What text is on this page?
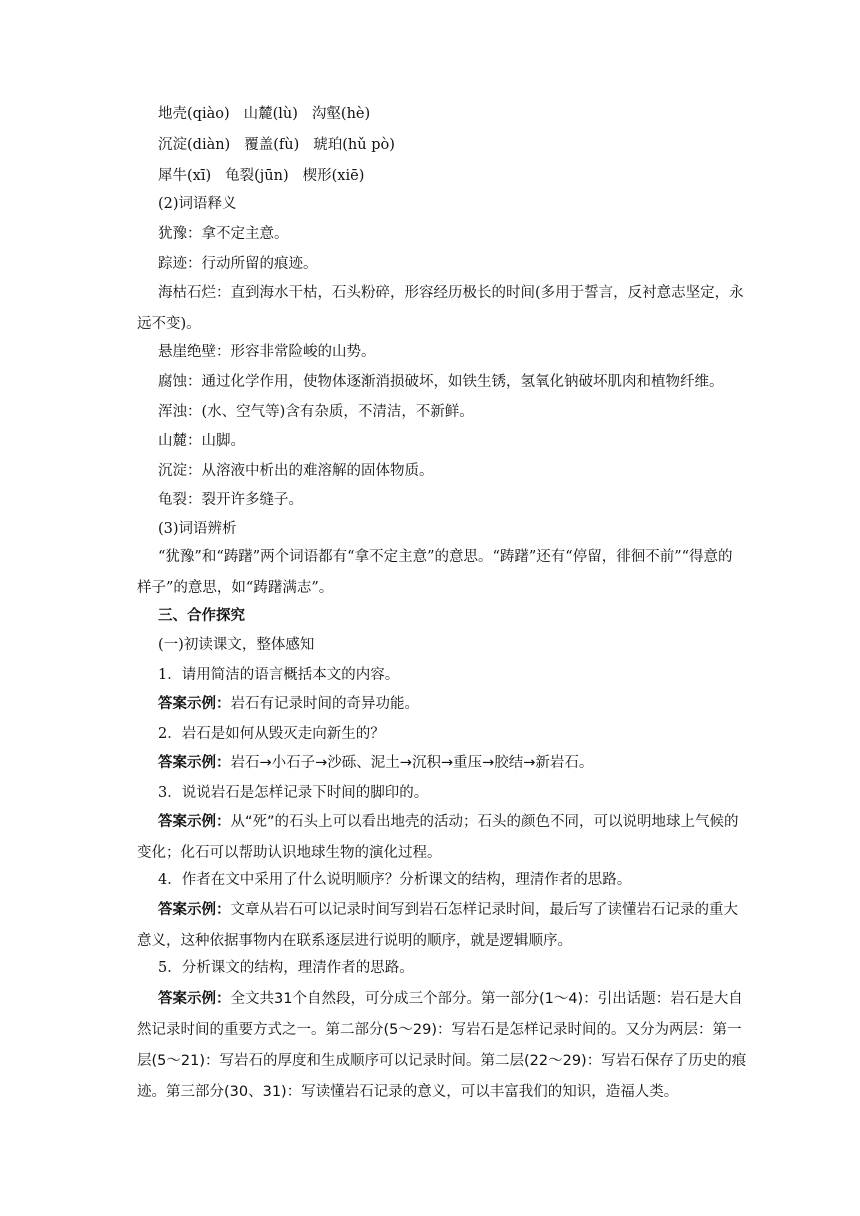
地壳(qiào) 山麓(lù) 沟壑(hè)
沉淀(diàn) 覆盖(fù) 琥珀(hǔ pò)
犀牛(xī) 龟裂(jūn) 楔形(xiē)
(2)词语释义
犹豫：拿不定主意。
踪迹：行动所留的痕迹。
海枯石烂：直到海水干枯，石头粉碎，形容经历极长的时间(多用于誓言，反衬意志坚定，永远不变)。
悬崖绝壁：形容非常险峻的山势。
腐蚀：通过化学作用，使物体逐渐消损破坏，如铁生锈，氢氧化钠破坏肌肉和植物纤维。
浑浊：(水、空气等)含有杂质，不清洁，不新鲜。
山麓：山脚。
沉淀：从溶液中析出的难溶解的固体物质。
龟裂：裂开许多缝子。
(3)词语辨析
“犹豫”和“踌躇”两个词语都有“拿不定主意”的意思。“踌躇”还有“停留，徘徊不前”“得意的样子”的意思，如“踌躇满志”。
三、合作探究
(一)初读课文，整体感知
1．请用简洁的语言概括本文的内容。
答案示例：岩石有记录时间的奇异功能。
2．岩石是如何从毁灭走向新生的？
答案示例：岩石→小石子→沙砾、泥土→沉积→重压→胶结→新岩石。
3．说说岩石是怎样记录下时间的脚印的。
答案示例：从“死”的石头上可以看出地壳的活动；石头的颜色不同，可以说明地球上气候的变化；化石可以帮助认识地球生物的演化过程。
4．作者在文中采用了什么说明顺序？分析课文的结构，理清作者的思路。
答案示例：文章从岩石可以记录时间写到岩石怎样记录时间，最后写了读懂岩石记录的重大意义，这种依据事物内在联系逐层进行说明的顺序，就是逻辑顺序。
5．分析课文的结构，理清作者的思路。
答案示例：全文共31个自然段，可分成三个部分。第一部分(1～4)：引出话题：岩石是大自然记录时间的重要方式之一。第二部分(5～29)：写岩石是怎样记录时间的。又分为两层：第一层(5～21)：写岩石的厚度和生成顺序可以记录时间。第二层(22～29)：写岩石保存了历史的痕迹。第三部分(30、31)：写读懂岩石记录的意义，可以丰富我们的知识，造福人类。
